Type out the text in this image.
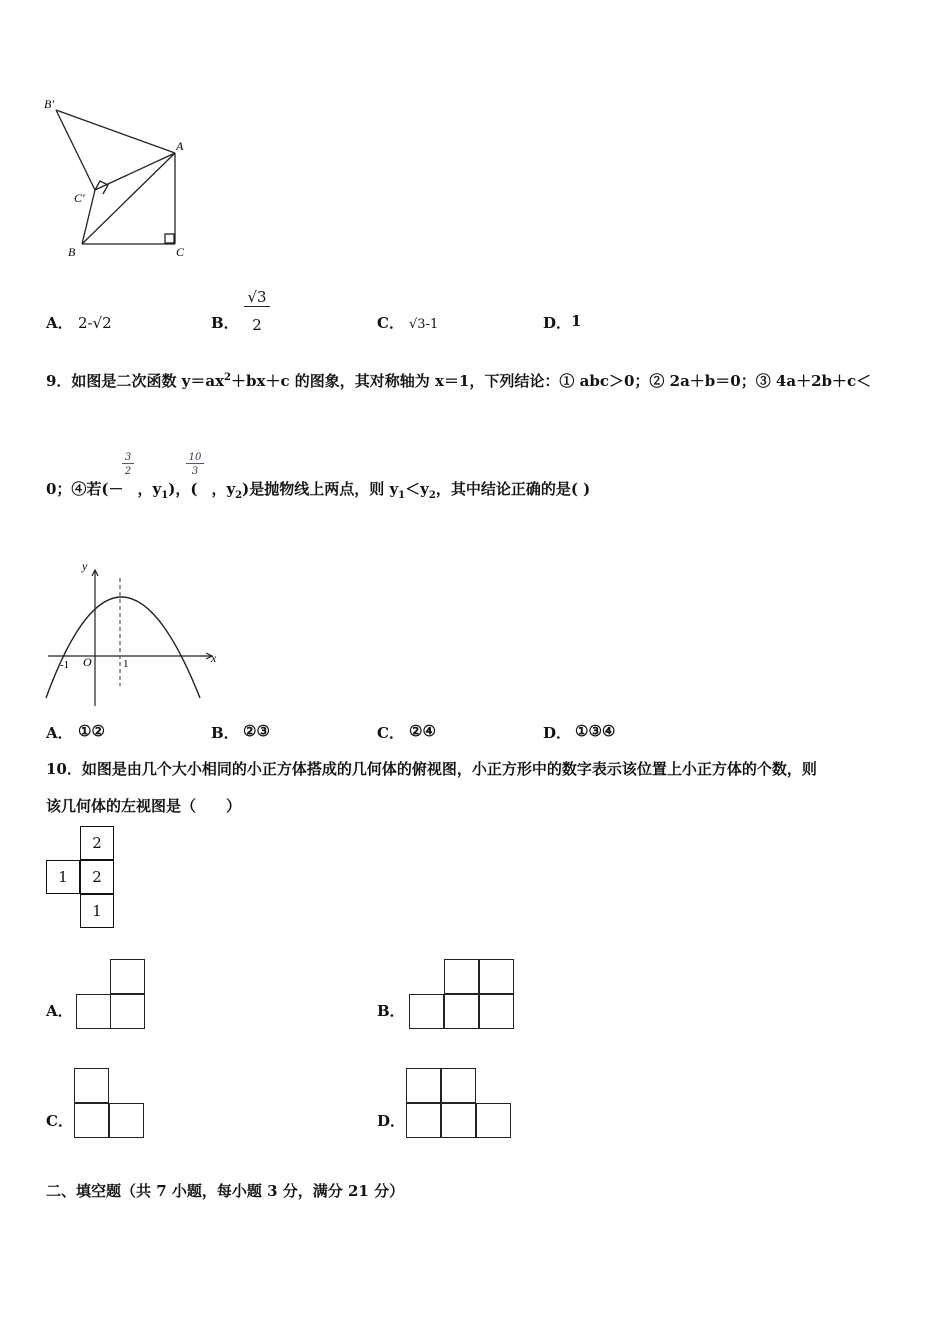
B'
A
C'
B	C
A． 2-√2	B．
√3
2	C． √3-1	D． 1
9．如图是二次函数 $y=ax^2+bx+c$ 的图象，其对称轴为 x＝1，下列结论：① abc＞0；② 2a＋b＝0；③ 4a＋2b＋c＜
3
2
10
3
0；④若(－ ，$y_1$)，( ，$y_2$)是抛物线上两点，则 $y_1<y_2$，其中结论正确的是( )
y
x
O
-1	1
A． ①②	B． ②③	C． ②④	D． ①③④
10．如图是由几个大小相同的小正方体搭成的几何体的俯视图，小正方形中的数字表示该位置上小正方体的个数，则
该几何体的左视图是（　　）
2
1	2
1
A．	B．
C．	D．
二、填空题（共 7 小题，每小题 3 分，满分 21 分）
